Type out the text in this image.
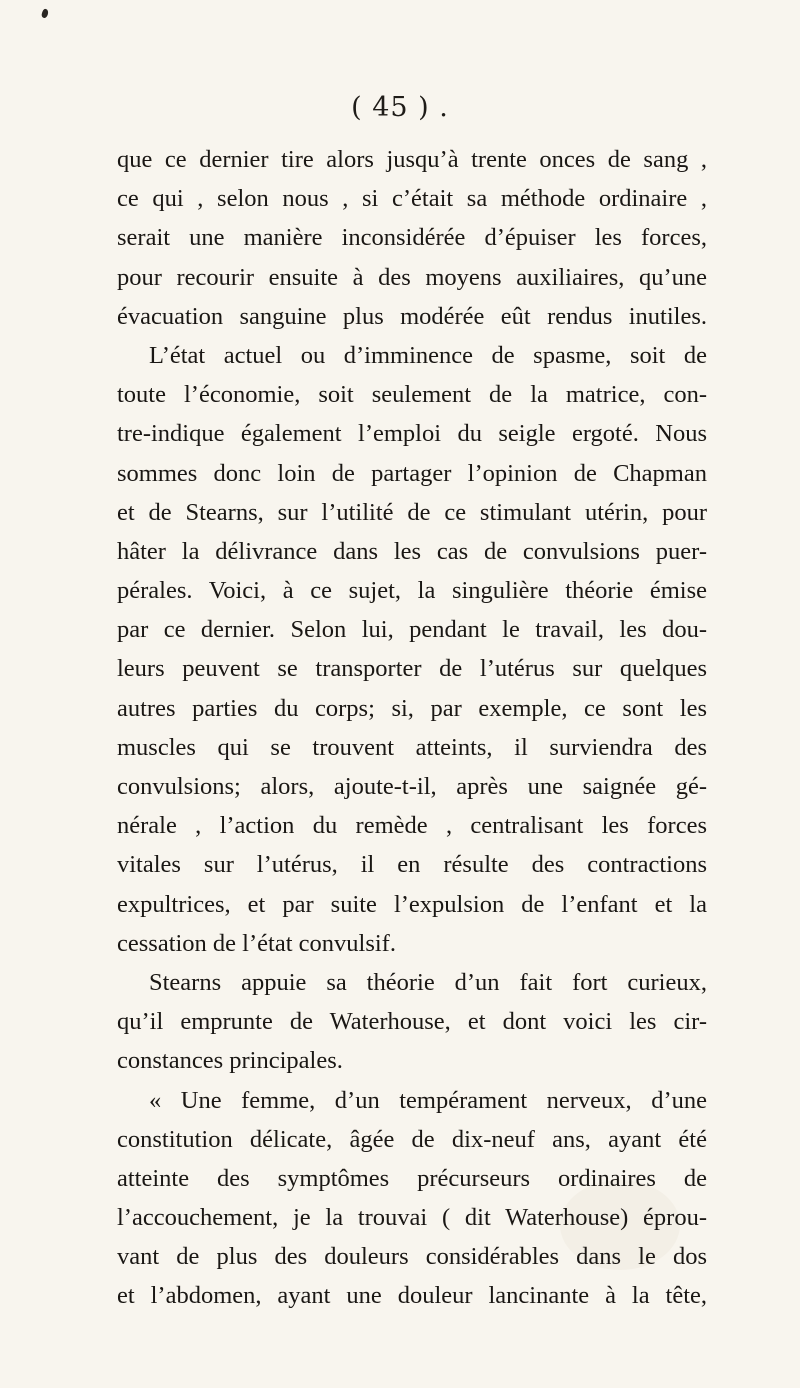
( 45 ) .
que ce dernier tire alors jusqu’à trente onces de sang ,
ce qui , selon nous , si c’était sa méthode ordinaire ,
serait une manière inconsidérée d’épuiser les forces,
pour recourir ensuite à des moyens auxiliaires, qu’une
évacuation sanguine plus modérée eût rendus inutiles.
L’état actuel ou d’imminence de spasme, soit de
toute l’économie, soit seulement de la matrice, con-
tre-indique également l’emploi du seigle ergoté. Nous
sommes donc loin de partager l’opinion de Chapman
et de Stearns, sur l’utilité de ce stimulant utérin, pour
hâter la délivrance dans les cas de convulsions puer-
pérales. Voici, à ce sujet, la singulière théorie émise
par ce dernier. Selon lui, pendant le travail, les dou-
leurs peuvent se transporter de l’utérus sur quelques
autres parties du corps; si, par exemple, ce sont les
muscles qui se trouvent atteints, il surviendra des
convulsions; alors, ajoute-t-il, après une saignée gé-
nérale , l’action du remède , centralisant les forces
vitales sur l’utérus, il en résulte des contractions
expultrices, et par suite l’expulsion de l’enfant et la
cessation de l’état convulsif.
Stearns appuie sa théorie d’un fait fort curieux,
qu’il emprunte de Waterhouse, et dont voici les cir-
constances principales.
« Une femme, d’un tempérament nerveux, d’une
constitution délicate, âgée de dix-neuf ans, ayant été
atteinte des symptômes précurseurs ordinaires de
l’accouchement, je la trouvai ( dit Waterhouse) éprou-
vant de plus des douleurs considérables dans le dos
et l’abdomen, ayant une douleur lancinante à la tête,
